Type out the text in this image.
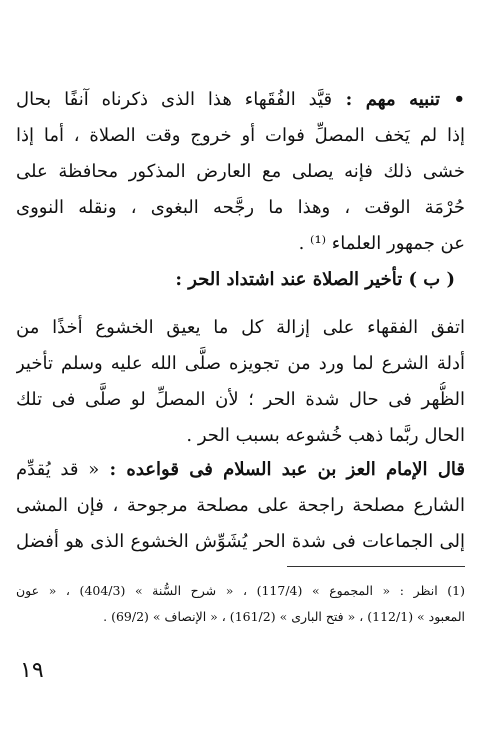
• تنبيه مهم : قيَّد الفُقَهاء هذا الذى ذكرناه آنفًا بحال
إذا لم يَخف المصلِّ فوات أو خروج وقت الصلاة ، أما إذا
خشى ذلك فإنه يصلى مع العارض المذكور محافظة على
حُرْمَة الوقت ، وهذا ما رجَّحه البغوى ، ونقله النووى
عن جمهور العلماء ⁽¹⁾ .
( ب ) تأخير الصلاة عند اشتداد الحر :
اتفق الفقهاء على إزالة كل ما يعيق الخشوع أخذًا من
أدلة الشرع لما ورد من تجويزه صلَّى الله عليه وسلم تأخير
الظُّهر فى حال شدة الحر ؛ لأن المصلِّ لو صلَّى فى تلك
الحال ربَّما ذهب خُشوعه بسبب الحر .
قال الإمام العز بن عبد السلام فى قواعده : « قد يُقدِّم
الشارع مصلحة راجحة على مصلحة مرجوحة ، فإن المشى
إلى الجماعات فى شدة الحر يُشَوِّش الخشوع الذى هو أفضل
(1) انظر : « المجموع » (117/4) ، « شرح السُّنة » (404/3) ، « عون
المعبود » (112/1) ، « فتح البارى » (161/2) ، « الإنصاف » (69/2) .
١٩
